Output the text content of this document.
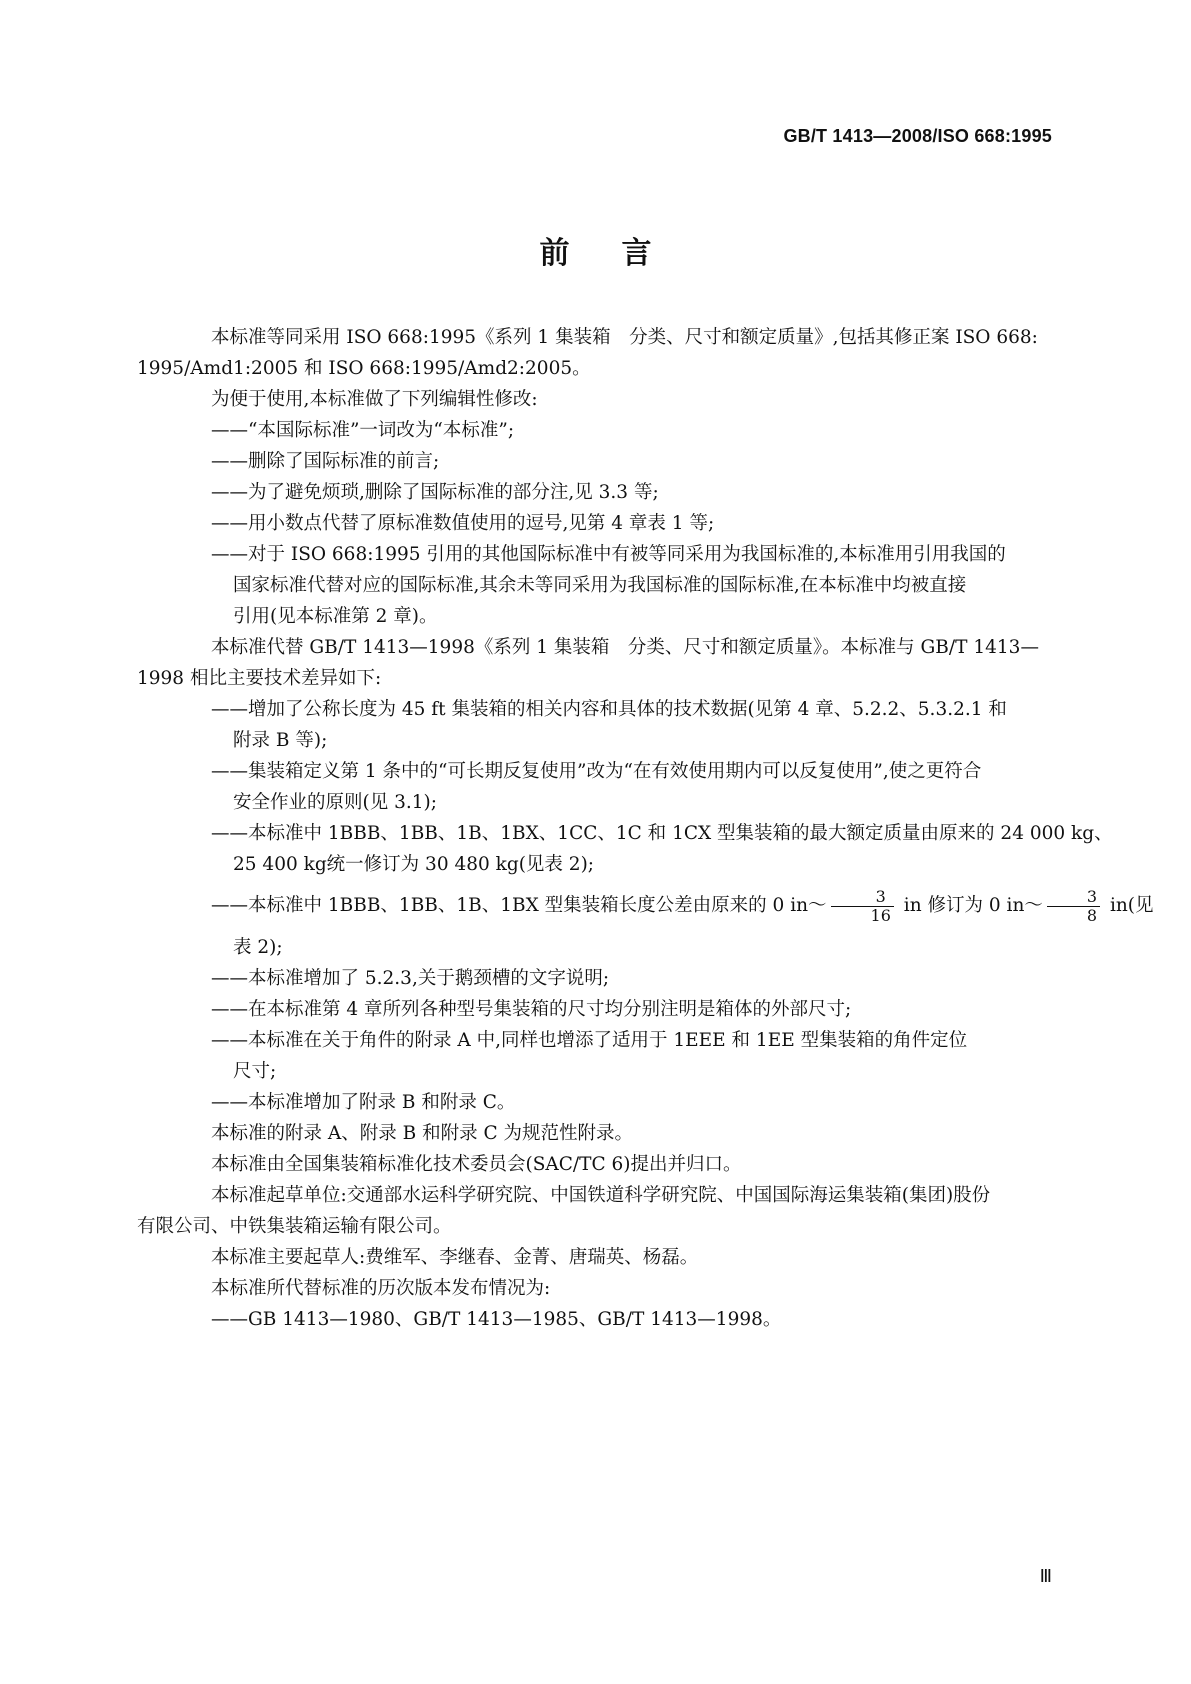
GB/T 1413—2008/ISO 668:1995
前 言
本标准等同采用 ISO 668:1995《系列 1 集装箱　分类、尺寸和额定质量》,包括其修正案 ISO 668:
1995/Amd1:2005 和 ISO 668:1995/Amd2:2005。
为便于使用,本标准做了下列编辑性修改:
——“本国际标准”一词改为“本标准”;
——删除了国际标准的前言;
——为了避免烦琐,删除了国际标准的部分注,见 3.3 等;
——用小数点代替了原标准数值使用的逗号,见第 4 章表 1 等;
——对于 ISO 668:1995 引用的其他国际标准中有被等同采用为我国标准的,本标准用引用我国的
国家标准代替对应的国际标准,其余未等同采用为我国标准的国际标准,在本标准中均被直接
引用(见本标准第 2 章)。
本标准代替 GB/T 1413—1998《系列 1 集装箱　分类、尺寸和额定质量》。本标准与 GB/T 1413—
1998 相比主要技术差异如下:
——增加了公称长度为 45 ft 集装箱的相关内容和具体的技术数据(见第 4 章、5.2.2、5.3.2.1 和
附录 B 等);
——集装箱定义第 1 条中的“可长期反复使用”改为“在有效使用期内可以反复使用”,使之更符合
安全作业的原则(见 3.1);
——本标准中 1BBB、1BB、1B、1BX、1CC、1C 和 1CX 型集装箱的最大额定质量由原来的 24 000 kg、
25 400 kg统一修订为 30 480 kg(见表 2);
——本标准中 1BBB、1BB、1B、1BX 型集装箱长度公差由原来的 0 in～ $\frac{3}{16}$ in 修订为 0 in～ $\frac{3}{8} in$(见
表 2);
——本标准增加了 5.2.3,关于鹅颈槽的文字说明;
——在本标准第 4 章所列各种型号集装箱的尺寸均分别注明是箱体的外部尺寸;
——本标准在关于角件的附录 A 中,同样也增添了适用于 1EEE 和 1EE 型集装箱的角件定位
尺寸;
——本标准增加了附录 B 和附录 C。
本标准的附录 A、附录 B 和附录 C 为规范性附录。
本标准由全国集装箱标准化技术委员会(SAC/TC 6)提出并归口。
本标准起草单位:交通部水运科学研究院、中国铁道科学研究院、中国国际海运集装箱(集团)股份
有限公司、中铁集装箱运输有限公司。
本标准主要起草人:费维军、李继春、金菁、唐瑞英、杨磊。
本标准所代替标准的历次版本发布情况为:
——GB 1413—1980、GB/T 1413—1985、GB/T 1413—1998。
Ⅲ
